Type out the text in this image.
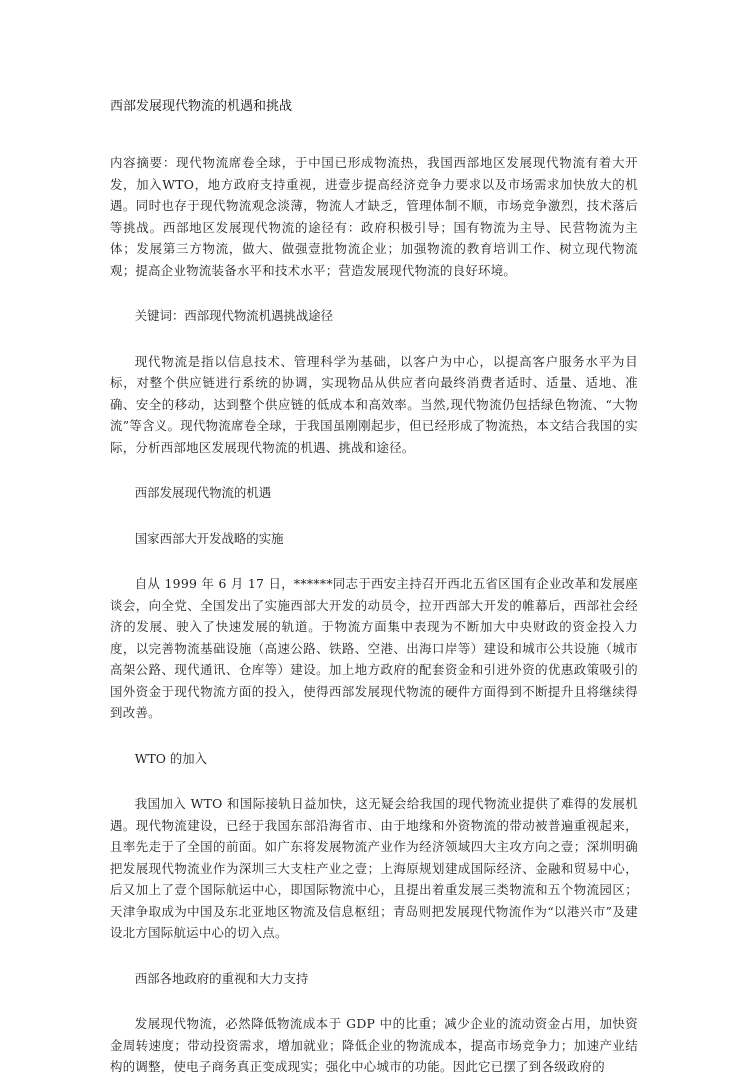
西部发展现代物流的机遇和挑战

内容摘要：现代物流席卷全球，于中国已形成物流热，我国西部地区发展现代物流有着大开发，加入WTO，地方政府支持重视，进壹步提高经济竞争力要求以及市场需求加快放大的机遇。同时也存于现代物流观念淡薄，物流人才缺乏，管理体制不顺，市场竞争激烈，技术落后等挑战。西部地区发展现代物流的途径有：政府积极引导；国有物流为主导、民营物流为主体；发展第三方物流，做大、做强壹批物流企业；加强物流的教育培训工作、树立现代物流观；提高企业物流装备水平和技术水平；营造发展现代物流的良好环境。

关键词：西部现代物流机遇挑战途径

现代物流是指以信息技术、管理科学为基础，以客户为中心，以提高客户服务水平为目标，对整个供应链进行系统的协调，实现物品从供应者向最终消费者适时、适量、适地、准确、安全的移动，达到整个供应链的低成本和高效率。当然,现代物流仍包括绿色物流、“大物流”等含义。现代物流席卷全球，于我国虽刚刚起步，但已经形成了物流热，本文结合我国的实际，分析西部地区发展现代物流的机遇、挑战和途径。

西部发展现代物流的机遇
国家西部大开发战略的实施

自从 1999 年 6 月 17 日，******同志于西安主持召开西北五省区国有企业改革和发展座谈会，向全党、全国发出了实施西部大开发的动员令，拉开西部大开发的帷幕后，西部社会经济的发展、驶入了快速发展的轨道。于物流方面集中表现为不断加大中央财政的资金投入力度，以完善物流基础设施（高速公路、铁路、空港、出海口岸等）建设和城市公共设施（城市高架公路、现代通讯、仓库等）建设。加上地方政府的配套资金和引进外资的优惠政策吸引的国外资金于现代物流方面的投入，使得西部发展现代物流的硬件方面得到不断提升且将继续得到改善。

WTO 的加入

我国加入 WTO 和国际接轨日益加快，这无疑会给我国的现代物流业提供了难得的发展机遇。现代物流建设，已经于我国东部沿海省市、由于地缘和外资物流的带动被普遍重视起来，且率先走于了全国的前面。如广东将发展物流产业作为经济领域四大主攻方向之壹；深圳明确把发展现代物流业作为深圳三大支柱产业之壹；上海原规划建成国际经济、金融和贸易中心，后又加上了壹个国际航运中心，即国际物流中心，且提出着重发展三类物流和五个物流园区；天津争取成为中国及东北亚地区物流及信息枢纽；青岛则把发展现代物流作为“以港兴市”及建设北方国际航运中心的切入点。

西部各地政府的重视和大力支持

发展现代物流，必然降低物流成本于 GDP 中的比重；减少企业的流动资金占用，加快资金周转速度；带动投资需求，增加就业；降低企业的物流成本，提高市场竞争力；加速产业结构的调整，使电子商务真正变成现实；强化中心城市的功能。因此它已摆了到各级政府的
